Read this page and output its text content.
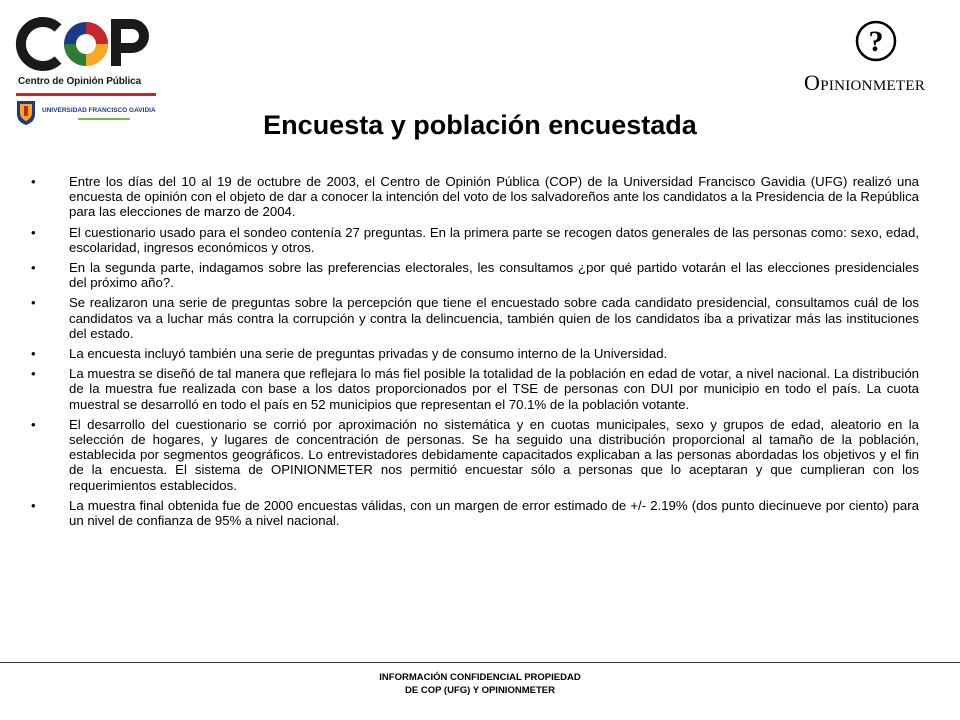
Centro de Opinión Pública
UNIVERSIDAD FRANCISCO GAVIDIA
?
Opinionmeter
Encuesta y población encuestada
•	Entre los días del 10 al 19 de octubre de 2003, el Centro de Opinión Pública (COP) de la Universidad Francisco Gavidia (UFG) realizó una encuesta de opinión con el objeto de dar a conocer la intención del voto de los salvadoreños ante los candidatos a la Presidencia de la República para las elecciones de marzo de 2004.
•	El cuestionario usado para el sondeo contenía 27 preguntas. En la primera parte se recogen datos generales de las personas como: sexo, edad, escolaridad, ingresos económicos y otros.
•	En la segunda parte, indagamos sobre las preferencias electorales, les consultamos ¿por qué partido votarán el las elecciones presidenciales del próximo año?.
•	Se realizaron una serie de preguntas sobre la percepción que tiene el encuestado sobre cada candidato presidencial, consultamos cuál de los candidatos va a luchar más contra la corrupción y contra la delincuencia, también quien de los candidatos iba a privatizar más las instituciones del estado.
•	La encuesta incluyó también una serie de preguntas privadas y de consumo interno de la Universidad.
•	La muestra se diseñó de tal manera que reflejara lo más fiel posible la totalidad de la población en edad de votar, a nivel nacional. La distribución de la muestra fue realizada con base a los datos proporcionados por el TSE de personas con DUI por municipio en todo el país. La cuota muestral se desarrolló en todo el país en 52 municipios que representan el 70.1% de la población votante.
•	El desarrollo del cuestionario se corrió por aproximación no sistemática y en cuotas municipales, sexo y grupos de edad, aleatorio en la selección de hogares, y lugares de concentración de personas. Se ha seguido una distribución proporcional al tamaño de la población, establecida por segmentos geográficos. Lo entrevistadores debidamente capacitados explicaban a las personas abordadas los objetivos y el fin de la encuesta. El sistema de OPINIONMETER nos permitió encuestar sólo a personas que lo aceptaran y que cumplieran con los requerimientos establecidos.
•	La muestra final obtenida fue de 2000 encuestas válidas, con un margen de error estimado de +/- 2.19% (dos punto diecinueve por ciento) para un nivel de confianza de 95% a nivel nacional.
INFORMACIÓN CONFIDENCIAL PROPIEDAD
DE COP (UFG) Y OPINIONMETER
